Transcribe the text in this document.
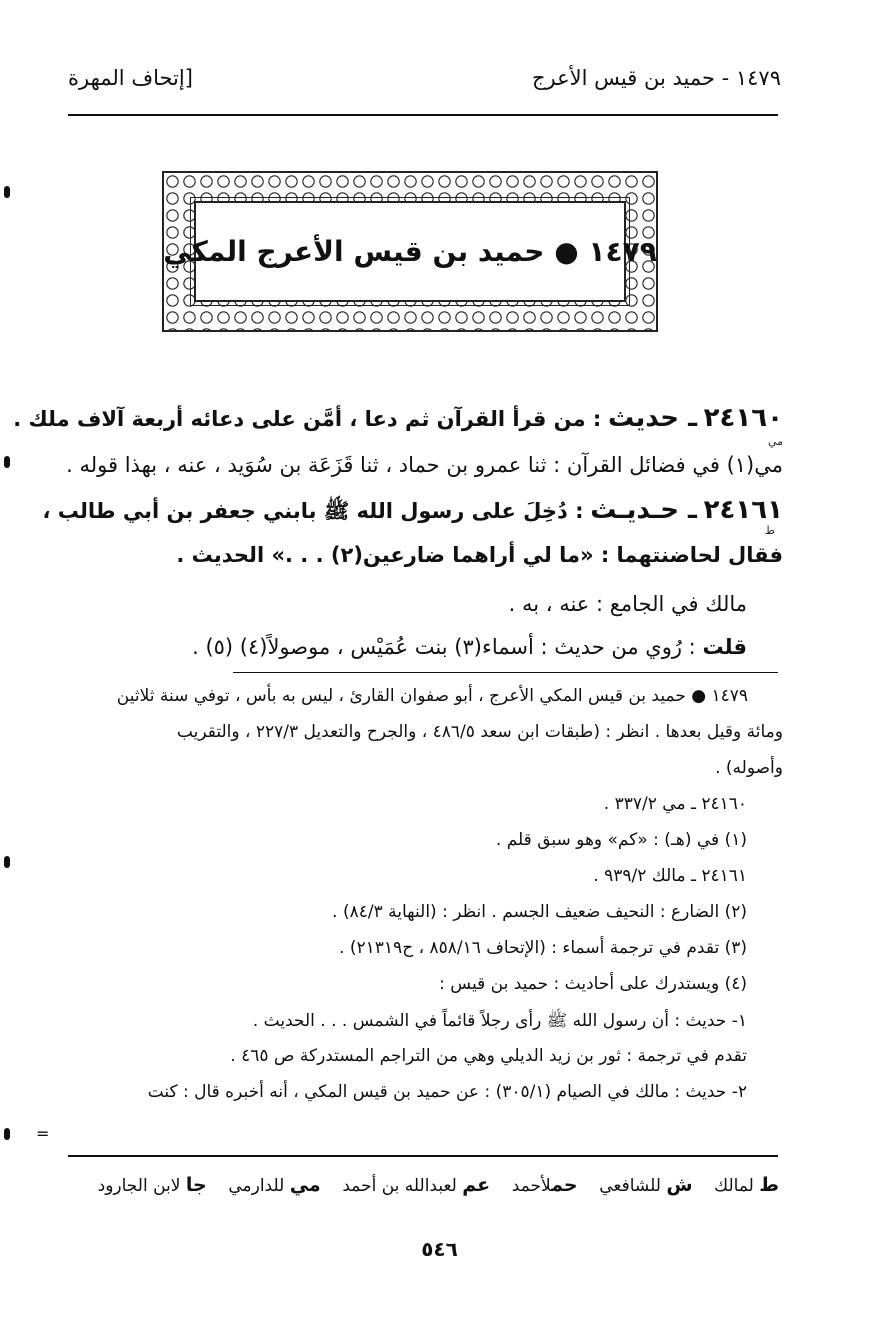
١٤٧٩ - حميد بن قيس الأعرج
[إتحاف المهرة
١٤٧٩ ● حميد بن قيس الأعرج المكي
٢٤١٦٠ ـ حديث : من قرأ القرآن ثم دعا ، أمَّن على دعائه أربعة آلاف ملك .
مي
مي(١) في فضائل القرآن : ثنا عمرو بن حماد ، ثنا قَزَعَة بن سُوَيد ، عنه ، بهذا قوله .
٢٤١٦١ ـ حـديـث : دُخِلَ على رسول الله ﷺ بابني جعفر بن أبي طالب ،
ط
فقال لحاضنتهما : «ما لي أراهما ضارعين(٢) . . .» الحديث .
مالك في الجامع : عنه ، به .
قلت : رُوي من حديث : أسماء(٣) بنت عُمَيْس ، موصولاً(٤) (٥) .
١٤٧٩ ● حميد بن قيس المكي الأعرج ، أبو صفوان القارئ ، ليس به بأس ، توفي سنة ثلاثين
ومائة وقيل بعدها . انظر : (طبقات ابن سعد ٤٨٦/٥ ، والجرح والتعديل ٢٢٧/٣ ، والتقريب
وأصوله) .
٢٤١٦٠ ـ مي ٣٣٧/٢ .
(١) في (هـ) : «كم» وهو سبق قلم .
٢٤١٦١ ـ مالك ٩٣٩/٢ .
(٢) الضارع : النحيف ضعيف الجسم . انظر : (النهاية ٨٤/٣) .
(٣) تقدم في ترجمة أسماء : (الإتحاف ٨٥٨/١٦ ، ح٢١٣١٩) .
(٤) ويستدرك على أحاديث : حميد بن قيس :
١- حديث : أن رسول الله ﷺ رأى رجلاً قائماً في الشمس . . . الحديث .
تقدم في ترجمة : ثور بن زيد الديلي وهي من التراجم المستدركة ص ٤٦٥ .
٢- حديث : مالك في الصيام (٣٠٥/١) : عن حميد بن قيس المكي ، أنه أخبره قال : كنت
=
ط لمالك    ش للشافعي    حملأحمد    عم لعبدالله بن أحمد    مي للدارمي    جا لابن الجارود
٥٤٦
